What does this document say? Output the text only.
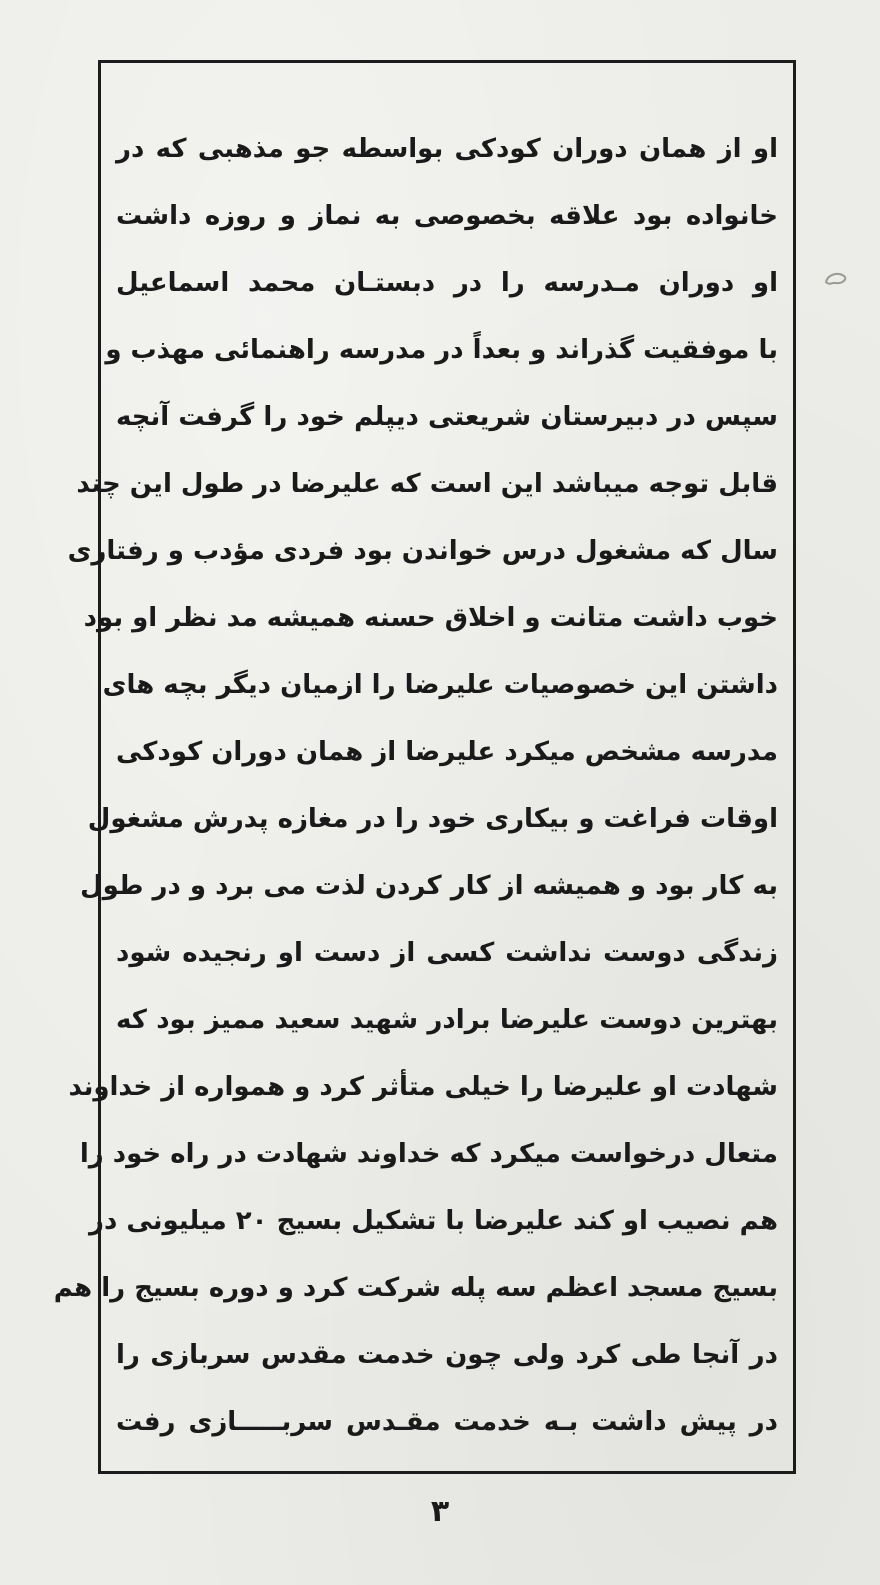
او از همان دوران کودکی بواسطه جو مذهبی که در
خانواده بود علاقه بخصوصی به نماز و روزه داشت
او دوران مـدرسه را در دبستـان محمد اسماعیل
با موفقیت گذراند و بعداً در مدرسه راهنمائی مهذب و
سپس در دبیرستان شریعتی دیپلم خود را گرفت آنچه
قابل توجه میباشد این است که علیرضا در طول این چند
سال که مشغول درس خواندن بود فردی مؤدب و رفتاری
خوب داشت متانت و اخلاق حسنه همیشه مد نظر او بود
داشتن این خصوصیات علیرضا را ازمیان دیگر بچه های
مدرسه مشخص میکرد علیرضا از همان دوران کودکی
اوقات فراغت و بیکاری خود را در مغازه پدرش مشغول
به کار بود و همیشه از کار کردن لذت می برد و در طول
زندگی دوست نداشت کسی از دست او رنجیده شود
بهترین دوست علیرضا برادر شهید سعید ممیز بود که
شهادت او علیرضا را خیلی متأثر کرد و همواره از خداوند
متعال درخواست میکرد که خداوند شهادت در راه خود را
هم نصیب او کند علیرضا با تشکیل بسیج ۲۰ میلیونی در
بسیج مسجد اعظم سه پله شرکت کرد و دوره بسیج را هم
در آنجا طی کرد ولی چون خدمت مقدس سربازی را
در پیش داشت بـه خدمت مقـدس سربـــــازی رفت
۳
